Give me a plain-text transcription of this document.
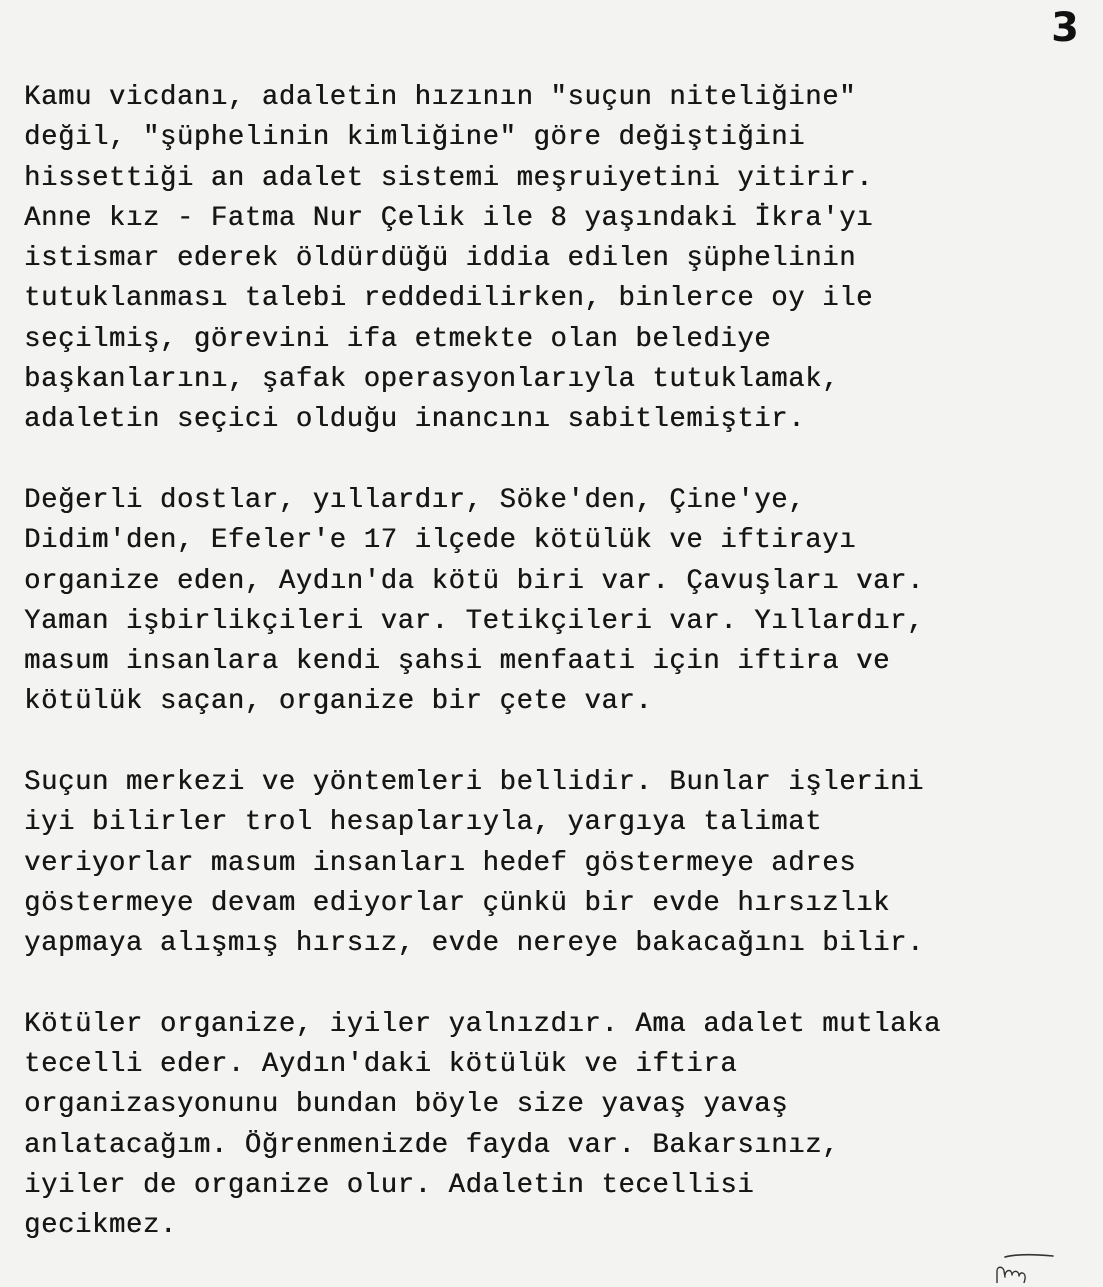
3

Kamu vicdanı, adaletin hızının "suçun niteliğine"
değil, "şüphelinin kimliğine" göre değiştiğini
hissettiği an adalet sistemi meşruiyetini yitirir.
Anne kız - Fatma Nur Çelik ile 8 yaşındaki İkra'yı
istismar ederek öldürdüğü iddia edilen şüphelinin
tutuklanması talebi reddedilirken, binlerce oy ile
seçilmiş, görevini ifa etmekte olan belediye
başkanlarını, şafak operasyonlarıyla tutuklamak,
adaletin seçici olduğu inancını sabitlemiştir.

Değerli dostlar, yıllardır, Söke'den, Çine'ye,
Didim'den, Efeler'e 17 ilçede kötülük ve iftirayı
organize eden, Aydın'da kötü biri var. Çavuşları var.
Yaman işbirlikçileri var. Tetikçileri var. Yıllardır,
masum insanlara kendi şahsi menfaati için iftira ve
kötülük saçan, organize bir çete var.

Suçun merkezi ve yöntemleri bellidir. Bunlar işlerini
iyi bilirler trol hesaplarıyla, yargıya talimat
veriyorlar masum insanları hedef göstermeye adres
göstermeye devam ediyorlar çünkü bir evde hırsızlık
yapmaya alışmış hırsız, evde nereye bakacağını bilir.

Kötüler organize, iyiler yalnızdır. Ama adalet mutlaka
tecelli eder. Aydın'daki kötülük ve iftira
organizasyonunu bundan böyle size yavaş yavaş
anlatacağım. Öğrenmenizde fayda var. Bakarsınız,
iyiler de organize olur. Adaletin tecellisi
gecikmez.
